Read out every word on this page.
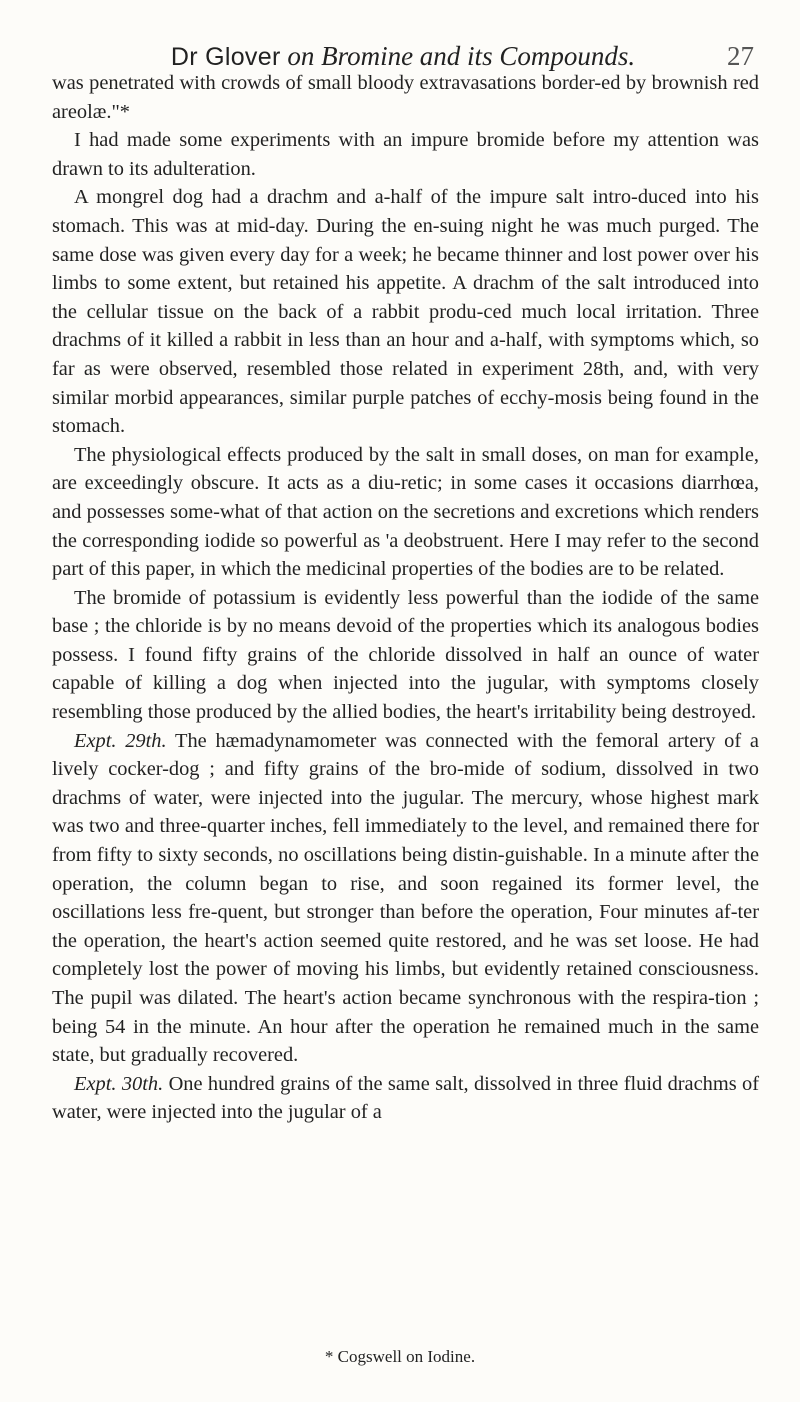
Dr Glover on Bromine and its Compounds.	27

was penetrated with crowds of small bloody extravasations border-ed by brownish red areolæ."*

I had made some experiments with an impure bromide before my attention was drawn to its adulteration.

A mongrel dog had a drachm and a-half of the impure salt intro-duced into his stomach. This was at mid-day. During the en-suing night he was much purged. The same dose was given every day for a week; he became thinner and lost power over his limbs to some extent, but retained his appetite. A drachm of the salt introduced into the cellular tissue on the back of a rabbit produ-ced much local irritation. Three drachms of it killed a rabbit in less than an hour and a-half, with symptoms which, so far as were observed, resembled those related in experiment 28th, and, with very similar morbid appearances, similar purple patches of ecchy-mosis being found in the stomach.

The physiological effects produced by the salt in small doses, on man for example, are exceedingly obscure. It acts as a diu-retic; in some cases it occasions diarrhœa, and possesses some-what of that action on the secretions and excretions which renders the corresponding iodide so powerful as 'a deobstruent. Here I may refer to the second part of this paper, in which the medicinal properties of the bodies are to be related.

The bromide of potassium is evidently less powerful than the iodide of the same base ; the chloride is by no means devoid of the properties which its analogous bodies possess. I found fifty grains of the chloride dissolved in half an ounce of water capable of killing a dog when injected into the jugular, with symptoms closely resembling those produced by the allied bodies, the heart's irritability being destroyed.

Expt. 29th. The hæmadynamometer was connected with the femoral artery of a lively cocker-dog ; and fifty grains of the bro-mide of sodium, dissolved in two drachms of water, were injected into the jugular. The mercury, whose highest mark was two and three-quarter inches, fell immediately to the level, and remained there for from fifty to sixty seconds, no oscillations being distin-guishable. In a minute after the operation, the column began to rise, and soon regained its former level, the oscillations less fre-quent, but stronger than before the operation, Four minutes af-ter the operation, the heart's action seemed quite restored, and he was set loose. He had completely lost the power of moving his limbs, but evidently retained consciousness. The pupil was dilated. The heart's action became synchronous with the respira-tion ; being 54 in the minute. An hour after the operation he remained much in the same state, but gradually recovered.

Expt. 30th. One hundred grains of the same salt, dissolved in three fluid drachms of water, were injected into the jugular of a

* Cogswell on Iodine.
